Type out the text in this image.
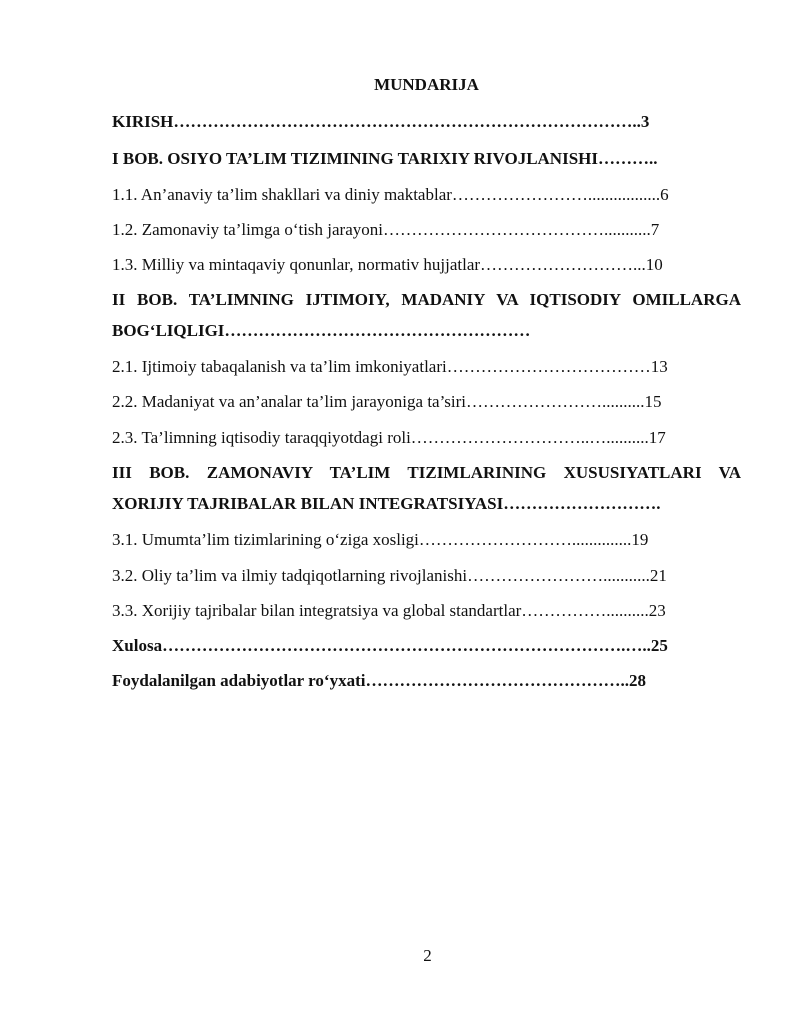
MUNDARIJA
KIRISH………………………………………………………………………..3
I BOB. OSIYO TA’LIM TIZIMINING TARIXIY RIVOJLANISHI………..
1.1. An’anaviy ta’lim shakllari va diniy maktablar…………………….................6
1.2. Zamonaviy ta’limga o‘tish jarayoni…………………………………...........7
1.3. Milliy va mintaqaviy qonunlar, normativ hujjatlar………………………...10
II BOB. TA’LIMNING IJTIMOIY, MADANIY VA IQTISODIY OMILLARGA
BOG‘LIQLIGI………………………………………………
2.1. Ijtimoiy tabaqalanish va ta’lim imkoniyatlari………………………………13
2.2. Madaniyat va an’analar ta’lim jarayoniga ta’siri……………………..........15
2.3. Ta’limning iqtisodiy taraqqiyotdagi roli…………………………..…..........17
III BOB. ZAMONAVIY TA’LIM TIZIMLARINING XUSUSIYATLARI VA
XORIJIY TAJRIBALAR BILAN INTEGRATSIYASI……………………….
3.1. Umumta’lim tizimlarining o‘ziga xosligi………………………..............19
3.2. Oliy ta’lim va ilmiy tadqiqotlarning rivojlanishi……………………...........21
3.3. Xorijiy tajribalar bilan integratsiya va global standartlar……………..........23
Xulosa……………………………………………………………………….…..25
Foydalanilgan adabiyotlar ro‘yxati………………………………………..28
2
